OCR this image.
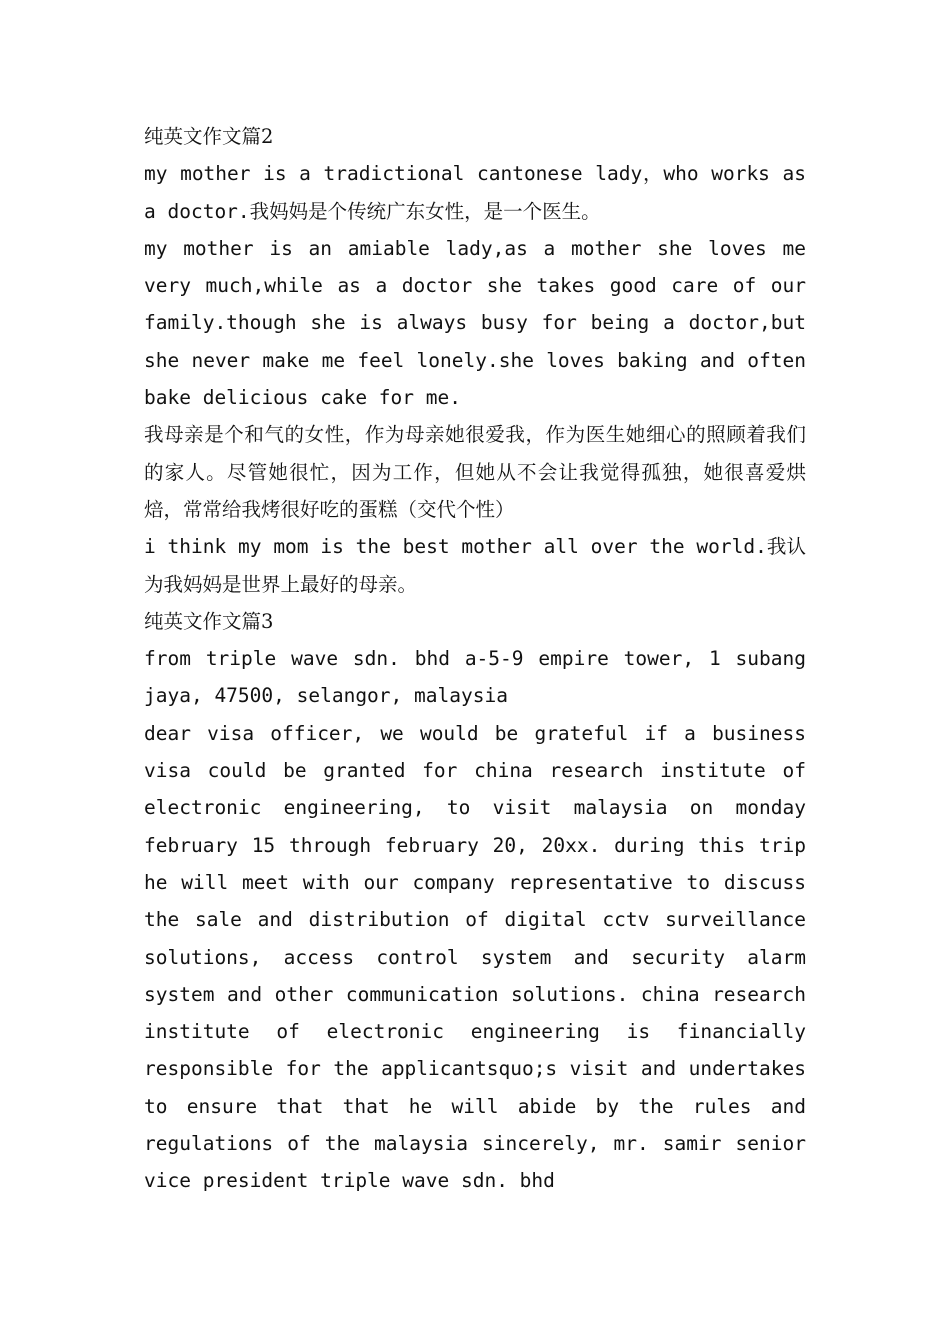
纯英文作文篇2

my mother is a tradictional cantonese lady，who works as a doctor.我妈妈是个传统广东女性，是一个医生。

my mother is an amiable lady,as a mother she loves me very much,while as a doctor she takes good care of our family.though she is always busy for being a doctor,but she never make me feel lonely.she loves baking and often bake delicious cake for me.

我母亲是个和气的女性，作为母亲她很爱我，作为医生她细心的照顾着我们的家人。尽管她很忙，因为工作，但她从不会让我觉得孤独，她很喜爱烘焙，常常给我烤很好吃的蛋糕（交代个性）

i think my mom is the best mother all over the world.我认为我妈妈是世界上最好的母亲。

纯英文作文篇3

from triple wave sdn. bhd a-5-9 empire tower, 1 subang jaya, 47500, selangor, malaysia

dear visa officer, we would be grateful if a business visa could be granted for china research institute of electronic engineering, to visit malaysia on monday february 15 through february 20, 20xx. during this trip he will meet with our company representative to discuss the sale and distribution of digital cctv surveillance solutions, access control system and security alarm system and other communication solutions. china research institute of electronic engineering is financially responsible for the applicantsquo;s visit and undertakes to ensure that that he will abide by the rules and regulations of the malaysia sincerely, mr. samir senior vice president triple wave sdn. bhd
